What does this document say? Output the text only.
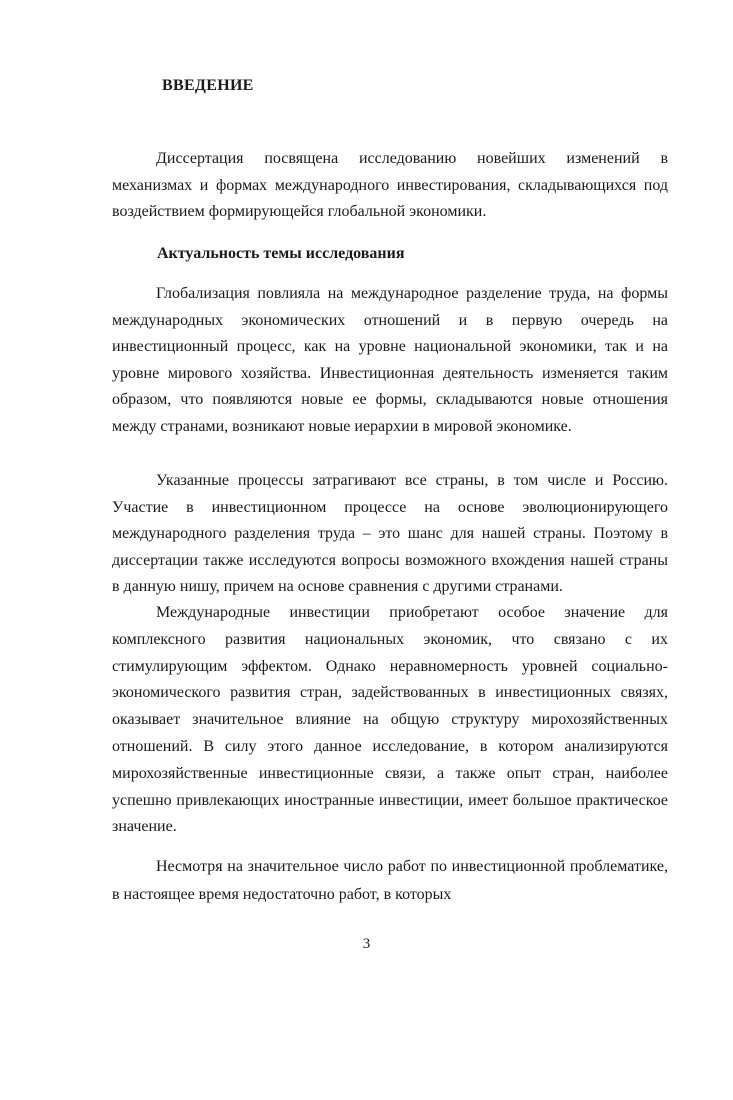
ВВЕДЕНИЕ

Диссертация посвящена исследованию новейших изменений в механизмах и формах международного инвестирования, складывающихся под воздействием формирующейся глобальной экономики.

Актуальность темы исследования

Глобализация повлияла на международное разделение труда, на формы международных экономических отношений и в первую очередь на инвестиционный процесс, как на уровне национальной экономики, так и на уровне мирового хозяйства. Инвестиционная деятельность изменяется таким образом, что появляются новые ее формы, складываются новые отношения между странами, возникают новые иерархии в мировой экономике.

Указанные процессы затрагивают все страны, в том числе и Россию. Участие в инвестиционном процессе на основе эволюционирующего международного разделения труда – это шанс для нашей страны. Поэтому в диссертации также исследуются вопросы возможного вхождения нашей страны в данную нишу, причем на основе сравнения с другими странами.

Международные инвестиции приобретают особое значение для комплексного развития национальных экономик, что связано с их стимулирующим эффектом. Однако неравномерность уровней социально-экономического развития стран, задействованных в инвестиционных связях, оказывает значительное влияние на общую структуру мирохозяйственных отношений. В силу этого данное исследование, в котором анализируются мирохозяйственные инвестиционные связи, а также опыт стран, наиболее успешно привлекающих иностранные инвестиции, имеет большое практическое значение.

Несмотря на значительное число работ по инвестиционной проблематике, в настоящее время недостаточно работ, в которых

3
